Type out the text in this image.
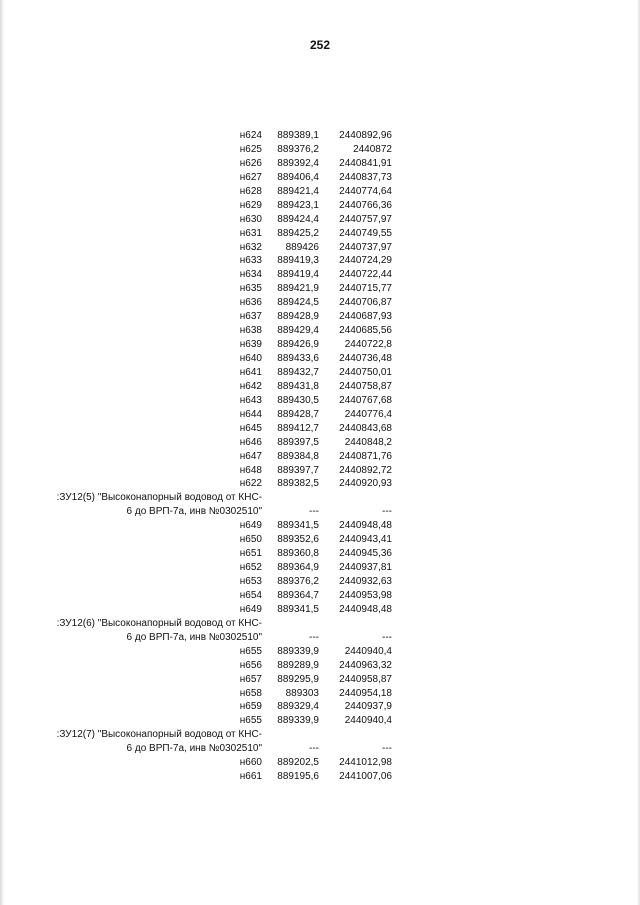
252
н624 889389,1 2440892,96
н625 889376,2	2440872
н626 889392,4 2440841,91
н627 889406,4 2440837,73
н628 889421,4 2440774,64
н629 889423,1 2440766,36
н630 889424,4 2440757,97
н631 889425,2 2440749,55
н632 889426 2440737,97
н633 889419,3 2440724,29
н634 889419,4 2440722,44
н635 889421,9 2440715,77
н636 889424,5 2440706,87
н637 889428,9 2440687,93
н638 889429,4 2440685,56
н639 889426,9	2440722,8
н640 889433,6 2440736,48
н641 889432,7 2440750,01
н642 889431,8 2440758,87
н643 889430,5 2440767,68
н644 889428,7	2440776,4
н645 889412,7 2440843,68
н646 889397,5	2440848,2
н647 889384,8 2440871,76
н648 889397,7 2440892,72
н622 889382,5 2440920,93
:ЗУ12(5) "Высоконапорный водовод от КНС-
6 до ВРП-7а, инв №0302510"	---	---
н649 889341,5 2440948,48
н650 889352,6 2440943,41
н651 889360,8 2440945,36
н652 889364,9 2440937,81
н653 889376,2 2440932,63
н654 889364,7 2440953,98
н649 889341,5 2440948,48
:ЗУ12(6) "Высоконапорный водовод от КНС-
6 до ВРП-7а, инв №0302510"	---	---
н655 889339,9	2440940,4
н656 889289,9 2440963,32
н657 889295,9 2440958,87
н658 889303 2440954,18
н659 889329,4	2440937,9
н655 889339,9	2440940,4
:ЗУ12(7) "Высоконапорный водовод от КНС-
6 до ВРП-7а, инв №0302510"	---	---
н660 889202,5 2441012,98
н661 889195,6 2441007,06
